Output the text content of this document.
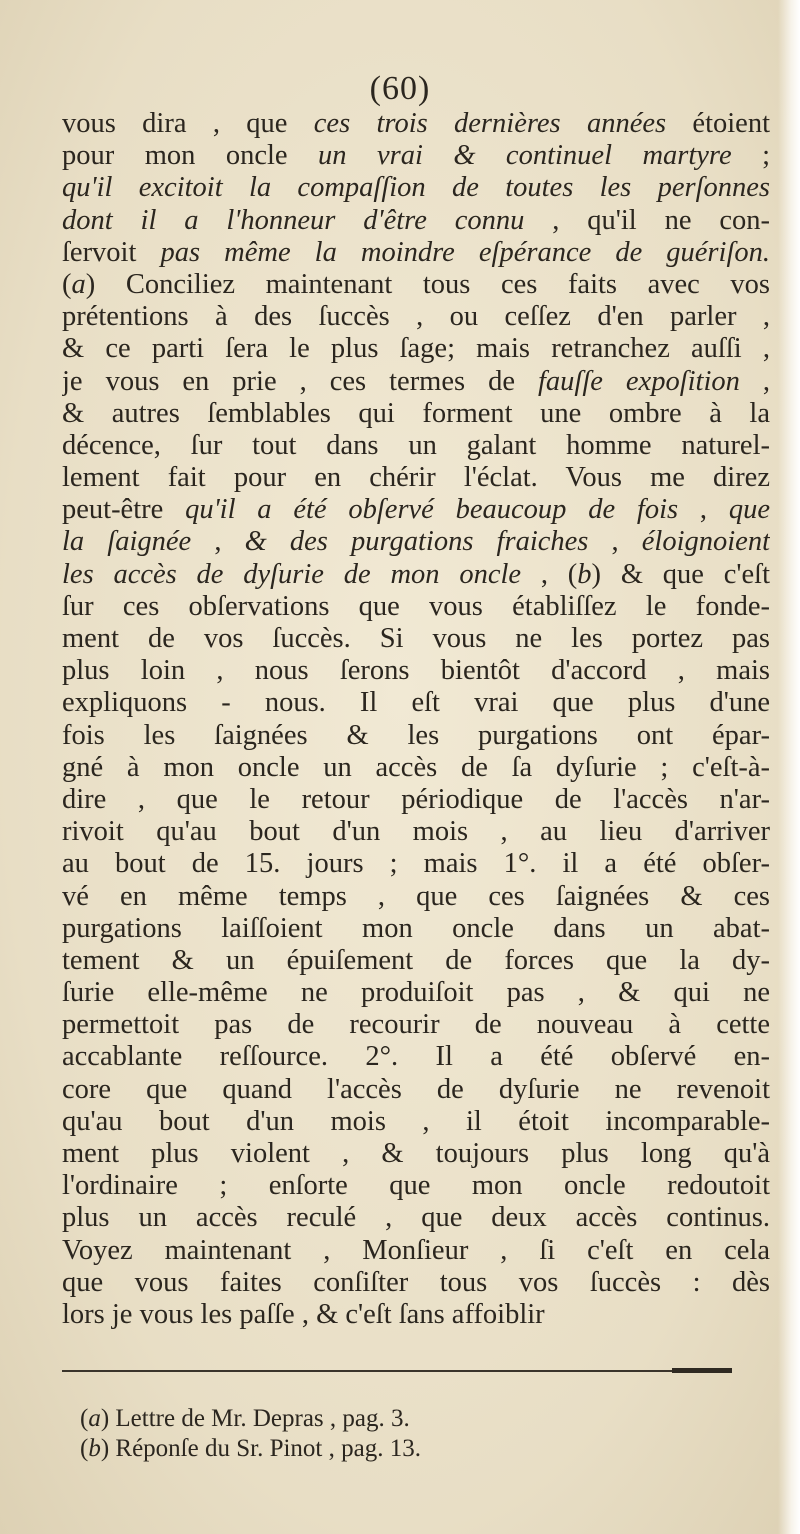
(60)
vous dira , que ces trois dernières années étoient
pour mon oncle un vrai & continuel martyre ;
qu'il excitoit la compaſſion de toutes les perſonnes
dont il a l'honneur d'être connu , qu'il ne con-
ſervoit pas même la moindre eſpérance de guériſon.
(a) Conciliez maintenant tous ces faits avec vos
prétentions à des ſuccès , ou ceſſez d'en parler ,
& ce parti ſera le plus ſage; mais retranchez auſſi ,
je vous en prie , ces termes de fauſſe expoſition ,
& autres ſemblables qui forment une ombre à la
décence, ſur tout dans un galant homme naturel-
lement fait pour en chérir l'éclat. Vous me direz
peut-être qu'il a été obſervé beaucoup de fois , que
la ſaignée , & des purgations fraiches , éloignoient
les accès de dyſurie de mon oncle , (b) & que c'eſt
ſur ces obſervations que vous établiſſez le fonde-
ment de vos ſuccès. Si vous ne les portez pas
plus loin , nous ſerons bientôt d'accord , mais
expliquons - nous. Il eſt vrai que plus d'une
fois les ſaignées & les purgations ont épar-
gné à mon oncle un accès de ſa dyſurie ; c'eſt-à-
dire , que le retour périodique de l'accès n'ar-
rivoit qu'au bout d'un mois , au lieu d'arriver
au bout de 15. jours ; mais 1°. il a été obſer-
vé en même temps , que ces ſaignées & ces
purgations laiſſoient mon oncle dans un abat-
tement & un épuiſement de forces que la dy-
ſurie elle-même ne produiſoit pas , & qui ne
permettoit pas de recourir de nouveau à cette
accablante reſſource. 2°. Il a été obſervé en-
core que quand l'accès de dyſurie ne revenoit
qu'au bout d'un mois , il étoit incomparable-
ment plus violent , & toujours plus long qu'à
l'ordinaire ; enſorte que mon oncle redoutoit
plus un accès reculé , que deux accès continus.
Voyez maintenant , Monſieur , ſi c'eſt en cela
que vous faites conſiſter tous vos ſuccès : dès
lors je vous les paſſe , & c'eſt ſans affoiblir
(a) Lettre de Mr. Depras , pag. 3.
(b) Réponſe du Sr. Pinot , pag. 13.
